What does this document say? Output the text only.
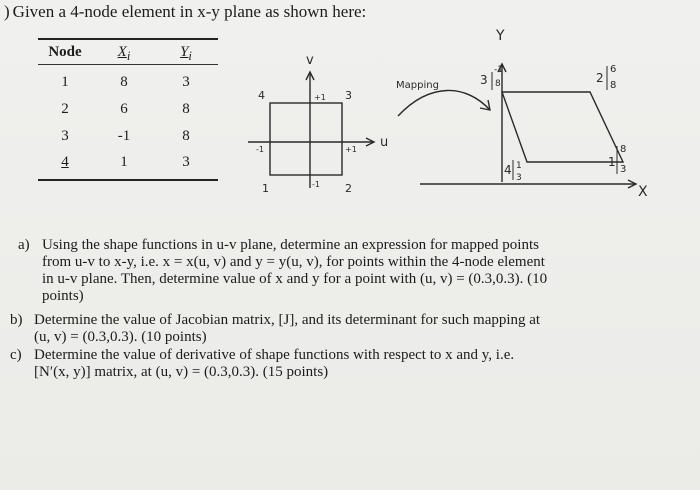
) Given a 4-node element in x-y plane as shown here:
Node	$X_i$	$Y_i$
1	8	3
2	6	8
3	-1	8
4	1	3
v
u
4	3
1	2
+1
+1
-1
-1
Mapping
Y
X
3
-1
8	2
6
8
1
8
3
4 1
3
a) Using the shape functions in u-v plane, determine an expression for mapped points
from u-v to x-y, i.e. x = x(u, v) and y = y(u, v), for points within the 4-node element
in u-v plane. Then, determine value of x and y for a point with (u, v) = (0.3,0.3). (10
points)
b) Determine the value of Jacobian matrix, [J], and its determinant for such mapping at
(u, v) = (0.3,0.3). (10 points)
c) Determine the value of derivative of shape functions with respect to x and y, i.e.
[N′(x, y)] matrix, at (u, v) = (0.3,0.3). (15 points)
